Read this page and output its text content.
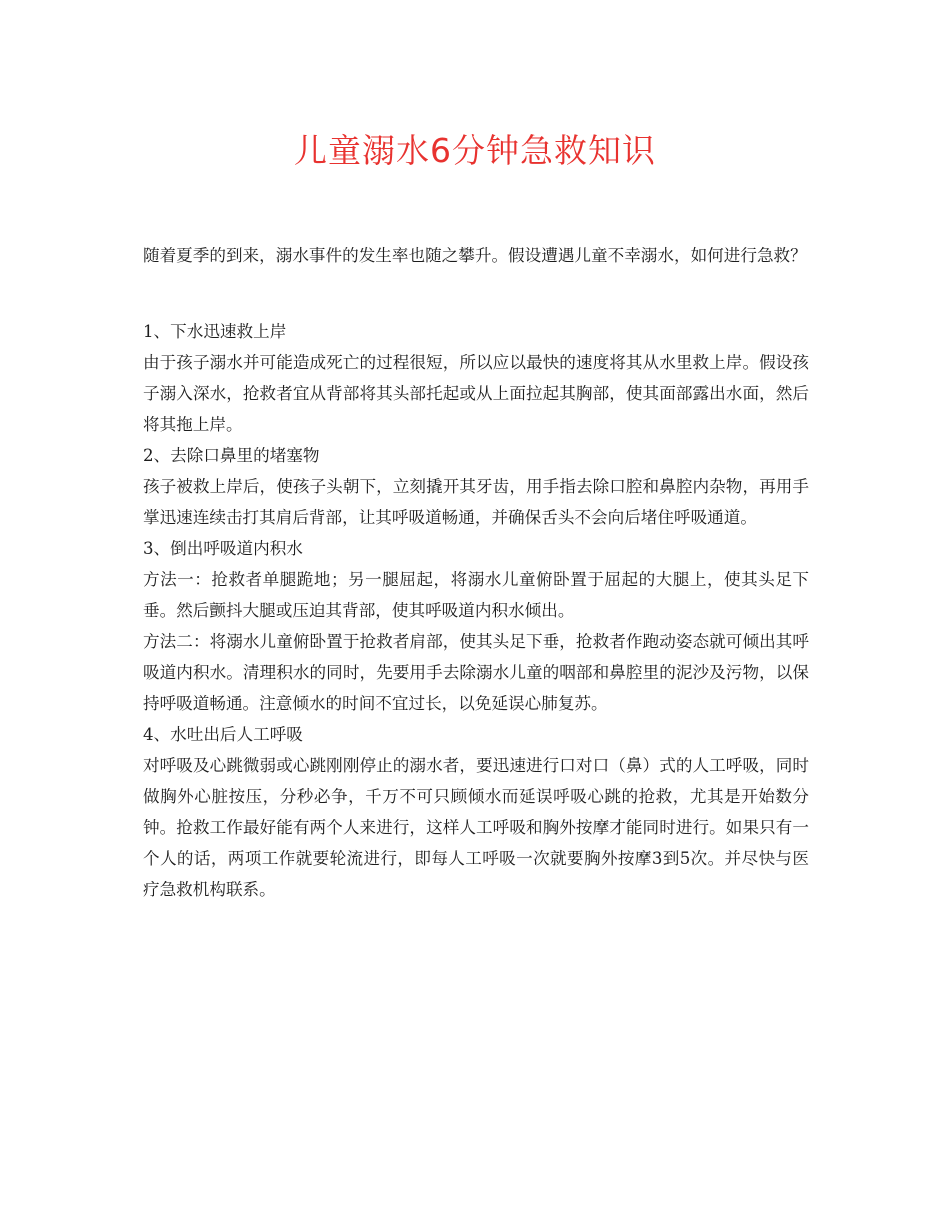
儿童溺水6分钟急救知识

随着夏季的到来，溺水事件的发生率也随之攀升。假设遭遇儿童不幸溺水，如何进行急救？

1、下水迅速救上岸

由于孩子溺水并可能造成死亡的过程很短，所以应以最快的速度将其从水里救上岸。假设孩子溺入深水，抢救者宜从背部将其头部托起或从上面拉起其胸部，使其面部露出水面，然后将其拖上岸。

2、去除口鼻里的堵塞物

孩子被救上岸后，使孩子头朝下，立刻撬开其牙齿，用手指去除口腔和鼻腔内杂物，再用手掌迅速连续击打其肩后背部，让其呼吸道畅通，并确保舌头不会向后堵住呼吸通道。

3、倒出呼吸道内积水

方法一：抢救者单腿跪地；另一腿屈起，将溺水儿童俯卧置于屈起的大腿上，使其头足下垂。然后颤抖大腿或压迫其背部，使其呼吸道内积水倾出。

方法二：将溺水儿童俯卧置于抢救者肩部，使其头足下垂，抢救者作跑动姿态就可倾出其呼吸道内积水。清理积水的同时，先要用手去除溺水儿童的咽部和鼻腔里的泥沙及污物，以保持呼吸道畅通。注意倾水的时间不宜过长，以免延误心肺复苏。

4、水吐出后人工呼吸

对呼吸及心跳微弱或心跳刚刚停止的溺水者，要迅速进行口对口（鼻）式的人工呼吸，同时做胸外心脏按压，分秒必争，千万不可只顾倾水而延误呼吸心跳的抢救，尤其是开始数分钟。抢救工作最好能有两个人来进行，这样人工呼吸和胸外按摩才能同时进行。如果只有一个人的话，两项工作就要轮流进行，即每人工呼吸一次就要胸外按摩3到5次。并尽快与医疗急救机构联系。
